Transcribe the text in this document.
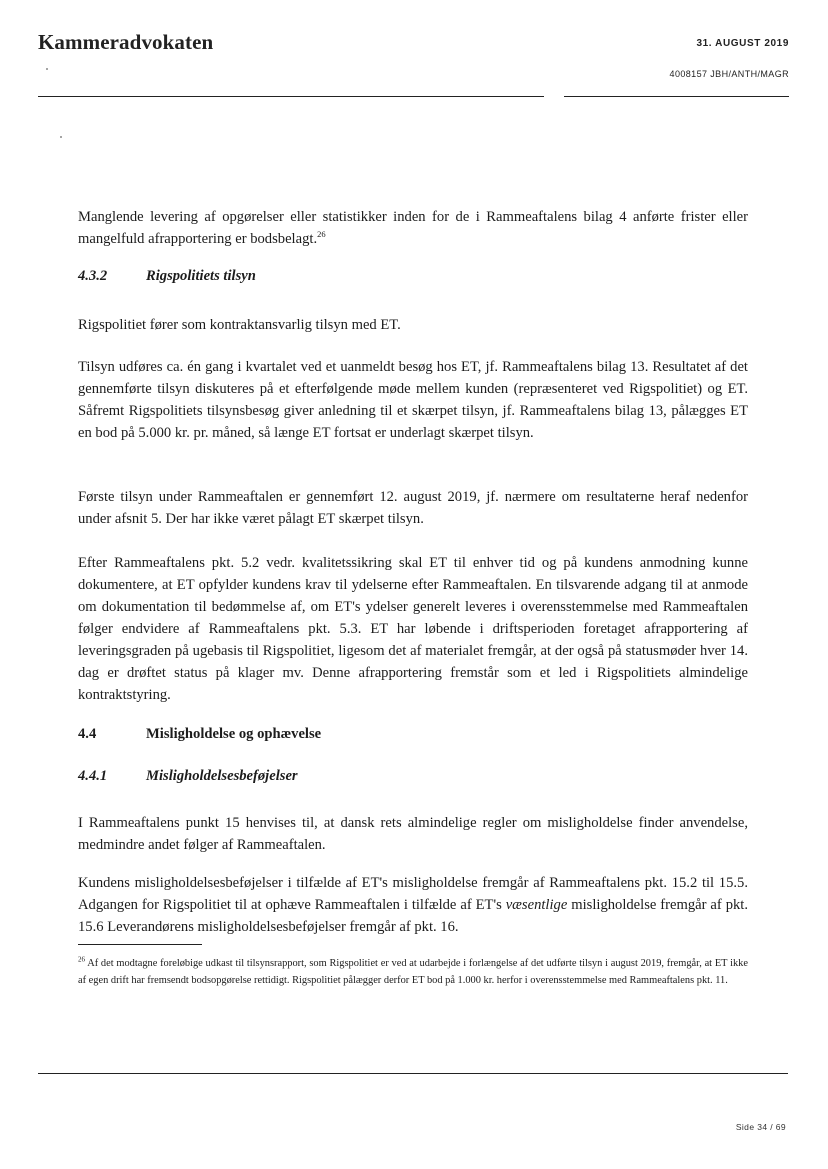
Kammeradvokaten	31. AUGUST 2019
4008157 JBH/ANTH/MAGR
Manglende levering af opgørelser eller statistikker inden for de i Rammeaftalens bilag 4 anførte frister eller mangelfuld afrapportering er bodsbelagt.$^{26}$
4.3.2	Rigspolitiets tilsyn
Rigspolitiet fører som kontraktansvarlig tilsyn med ET.
Tilsyn udføres ca. én gang i kvartalet ved et uanmeldt besøg hos ET, jf. Rammeaftalens bilag 13. Resultatet af det gennemførte tilsyn diskuteres på et efterfølgende møde mellem kunden (repræsenteret ved Rigspolitiet) og ET. Såfremt Rigspolitiets tilsynsbesøg giver anledning til et skærpet tilsyn, jf. Rammeaftalens bilag 13, pålægges ET en bod på 5.000 kr. pr. måned, så længe ET fortsat er underlagt skærpet tilsyn.
Første tilsyn under Rammeaftalen er gennemført 12. august 2019, jf. nærmere om resultaterne heraf nedenfor under afsnit 5. Der har ikke været pålagt ET skærpet tilsyn.
Efter Rammeaftalens pkt. 5.2 vedr. kvalitetssikring skal ET til enhver tid og på kundens anmodning kunne dokumentere, at ET opfylder kundens krav til ydelserne efter Rammeaftalen. En tilsvarende adgang til at anmode om dokumentation til bedømmelse af, om ET's ydelser generelt leveres i overensstemmelse med Rammeaftalen følger endvidere af Rammeaftalens pkt. 5.3. ET har løbende i driftsperioden foretaget afrapportering af leveringsgraden på ugebasis til Rigspolitiet, ligesom det af materialet fremgår, at der også på statusmøder hver 14. dag er drøftet status på klager mv. Denne afrapportering fremstår som et led i Rigspolitiets almindelige kontraktstyring.
4.4	Misligholdelse og ophævelse
4.4.1	Misligholdelsesbeføjelser
I Rammeaftalens punkt 15 henvises til, at dansk rets almindelige regler om misligholdelse finder anvendelse, medmindre andet følger af Rammeaftalen.
Kundens misligholdelsesbeføjelser i tilfælde af ET's misligholdelse fremgår af Rammeaftalens pkt. 15.2 til 15.5. Adgangen for Rigspolitiet til at ophæve Rammeaftalen i tilfælde af ET's væsentlige misligholdelse fremgår af pkt. 15.6 Leverandørens misligholdelsesbeføjelser fremgår af pkt. 16.
$^{26}$ Af det modtagne foreløbige udkast til tilsynsrapport, som Rigspolitiet er ved at udarbejde i forlængelse af det udførte tilsyn i august 2019, fremgår, at ET ikke af egen drift har fremsendt bodsopgørelse rettidigt. Rigspolitiet pålægger derfor ET bod på 1.000 kr. herfor i overensstemmelse med Rammeaftalens pkt. 11.
Side 34 / 69
